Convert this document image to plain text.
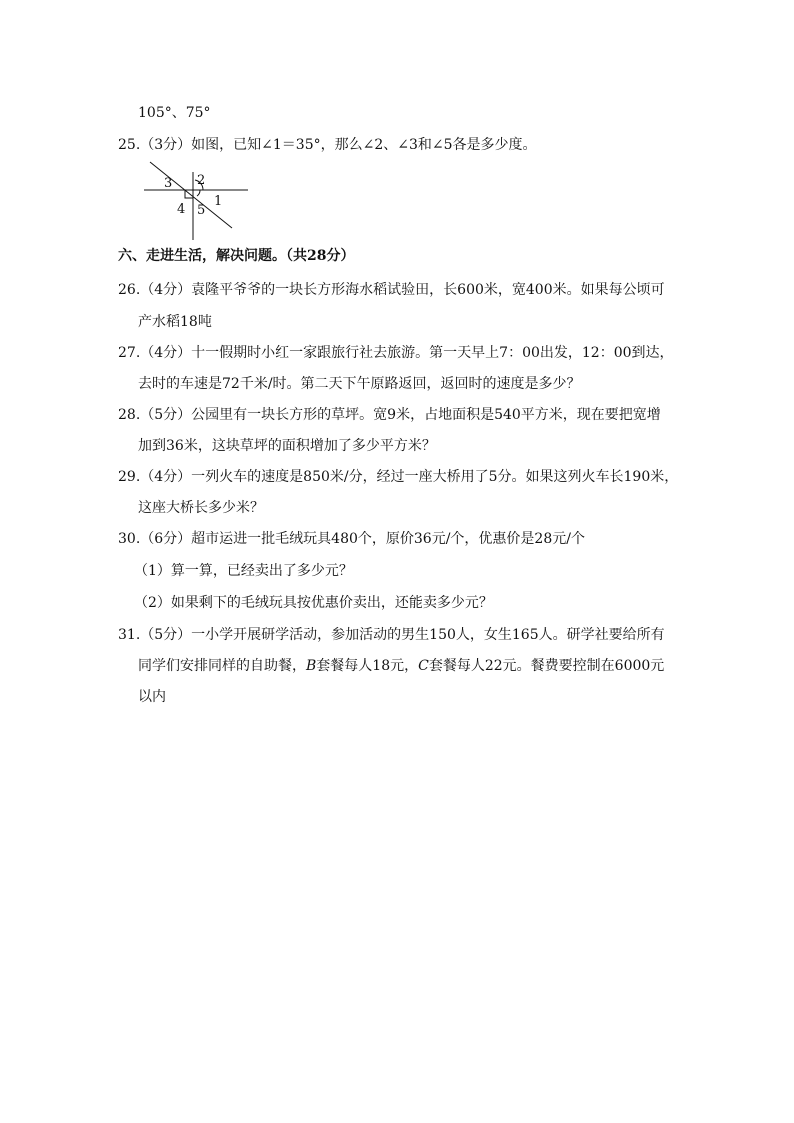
105°、75°
25.（3分）如图，已知∠1＝35°，那么∠2、∠3和∠5各是多少度。
3 2
4 5
1
六、走进生活，解决问题。（共28分）
26.（4分）袁隆平爷爷的一块长方形海水稻试验田，长600米，宽400米。如果每公顷可
产水稻18吨
27.（4分）十一假期时小红一家跟旅行社去旅游。第一天早上7：00出发，12：00到达，
去时的车速是72千米/时。第二天下午原路返回，返回时的速度是多少？
28.（5分）公园里有一块长方形的草坪。宽9米，占地面积是540平方米，现在要把宽增
加到36米，这块草坪的面积增加了多少平方米？
29.（4分）一列火车的速度是850米/分，经过一座大桥用了5分。如果这列火车长190米，
这座大桥长多少米？
30.（6分）超市运进一批毛绒玩具480个，原价36元/个，优惠价是28元/个
（1）算一算，已经卖出了多少元？
（2）如果剩下的毛绒玩具按优惠价卖出，还能卖多少元？
31.（5分）一小学开展研学活动，参加活动的男生150人，女生165人。研学社要给所有
同学们安排同样的自助餐，B套餐每人18元，C套餐每人22元。餐费要控制在6000元
以内
